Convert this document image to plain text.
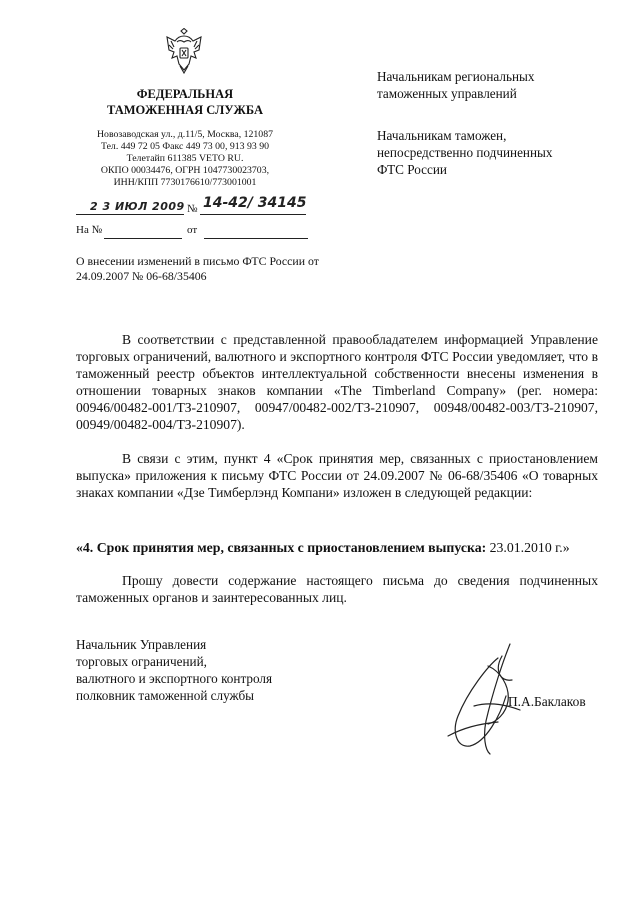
ФЕДЕРАЛЬНАЯ
ТАМОЖЕННАЯ СЛУЖБА
Новозаводская ул., д.11/5, Москва, 121087
Тел. 449 72 05 Факс 449 73 00, 913 93 90
Телетайп 611385 VETO RU.
ОКПО 00034476, ОГРН 1047730023703,
ИНН/КПП 7730176610/773001001
2 3 ИЮЛ 2009 № 14-42/ 34145
На №	от
О внесении изменений в письмо ФТС России от 24.09.2007 № 06-68/35406
Начальникам региональных
таможенных управлений
Начальникам таможен,
непосредственно подчиненных
ФТС России
В соответствии с представленной правообладателем информацией Управление торговых ограничений, валютного и экспортного контроля ФТС России уведомляет, что в таможенный реестр объектов интеллектуальной собственности внесены изменения в отношении товарных знаков компании «The Timberland Company» (рег. номера: 00946/00482-001/ТЗ-210907, 00947/00482-002/ТЗ-210907, 00948/00482-003/ТЗ-210907, 00949/00482-004/ТЗ-210907).
В связи с этим, пункт 4 «Срок принятия мер, связанных с приостановлением выпуска» приложения к письму ФТС России от 24.09.2007 № 06-68/35406 «О товарных знаках компании «Дзе Тимберлэнд Компани» изложен в следующей редакции:
«4. Срок принятия мер, связанных с приостановлением выпуска: 23.01.2010 г.»
Прошу довести содержание настоящего письма до сведения подчиненных таможенных органов и заинтересованных лиц.
Начальник Управления
торговых ограничений,
валютного и экспортного контроля
полковник таможенной службы	П.А.Баклаков
